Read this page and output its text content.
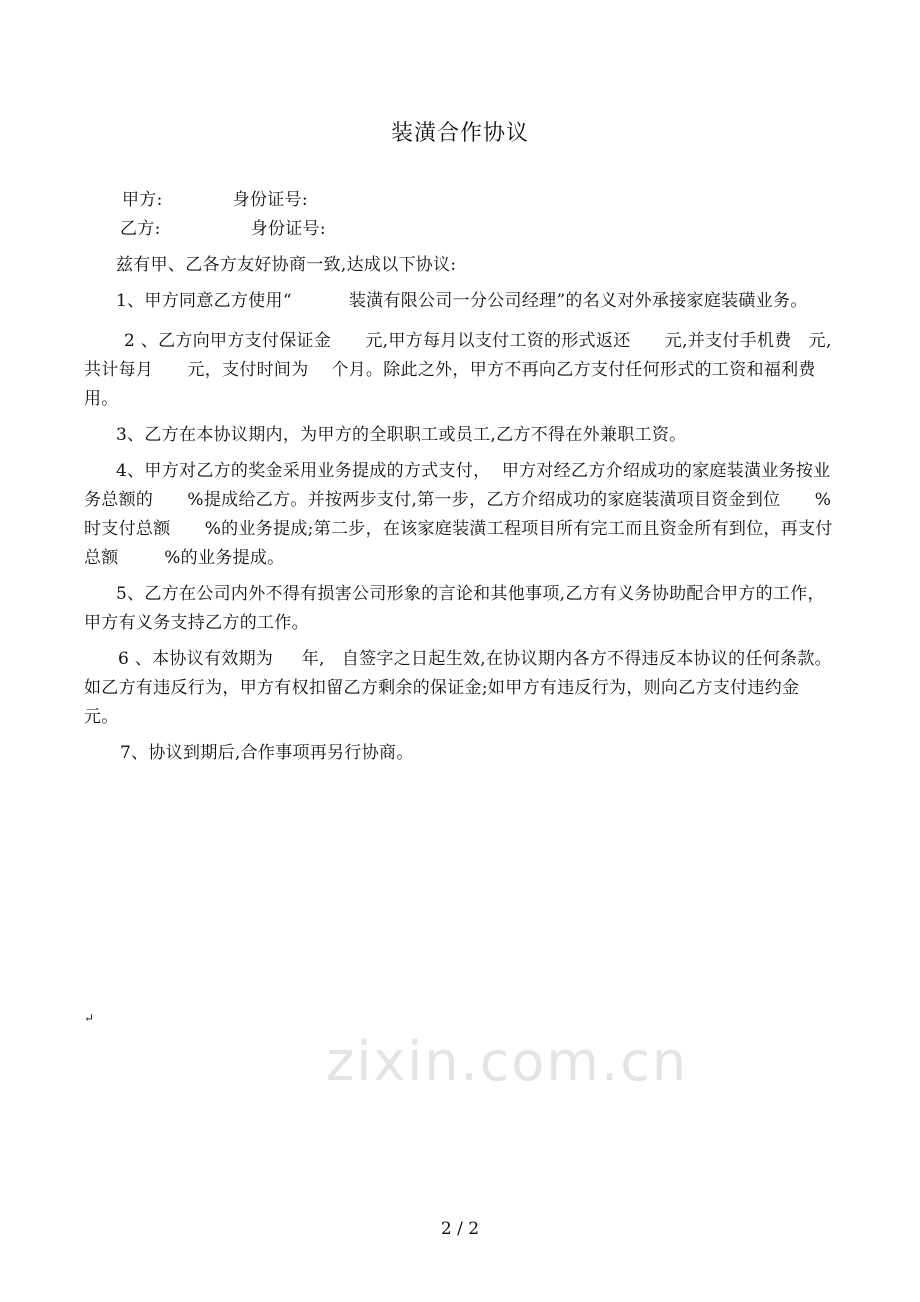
装潢合作协议

甲方:	身份证号:

乙方:	身份证号:

兹有甲、乙各方友好协商一致,达成以下协议:

1、甲方同意乙方使用“          装潢有限公司一分公司经理”的名义对外承接家庭装磺业务。

2 、乙方向甲方支付保证金      元,甲方每月以支付工资的形式返还      元,并支付手机费   元,共计每月      元，支付时间为    个月。除此之外，甲方不再向乙方支付任何形式的工资和福利费用。

3、乙方在本协议期内，为甲方的全职职工或员工,乙方不得在外兼职工资。

4、甲方对乙方的奖金采用业务提成的方式支付，  甲方对经乙方介绍成功的家庭装潢业务按业务总额的      %提成给乙方。并按两步支付,第一步，乙方介绍成功的家庭装潢项目资金到位      %时支付总额      %的业务提成;第二步，在该家庭装潢工程项目所有完工而且资金所有到位，再支付总额        %的业务提成。

5、乙方在公司内外不得有损害公司形象的言论和其他事项,乙方有义务协助配合甲方的工作，甲方有义务支持乙方的工作。

6 、本协议有效期为     年,   自签字之日起生效,在协议期内各方不得违反本协议的任何条款。如乙方有违反行为，甲方有权扣留乙方剩余的保证金;如甲方有违反行为，则向乙方支付违约金   元。

7、协议到期后,合作事项再另行协商。

↵
zixin.com.cn
2 / 2
